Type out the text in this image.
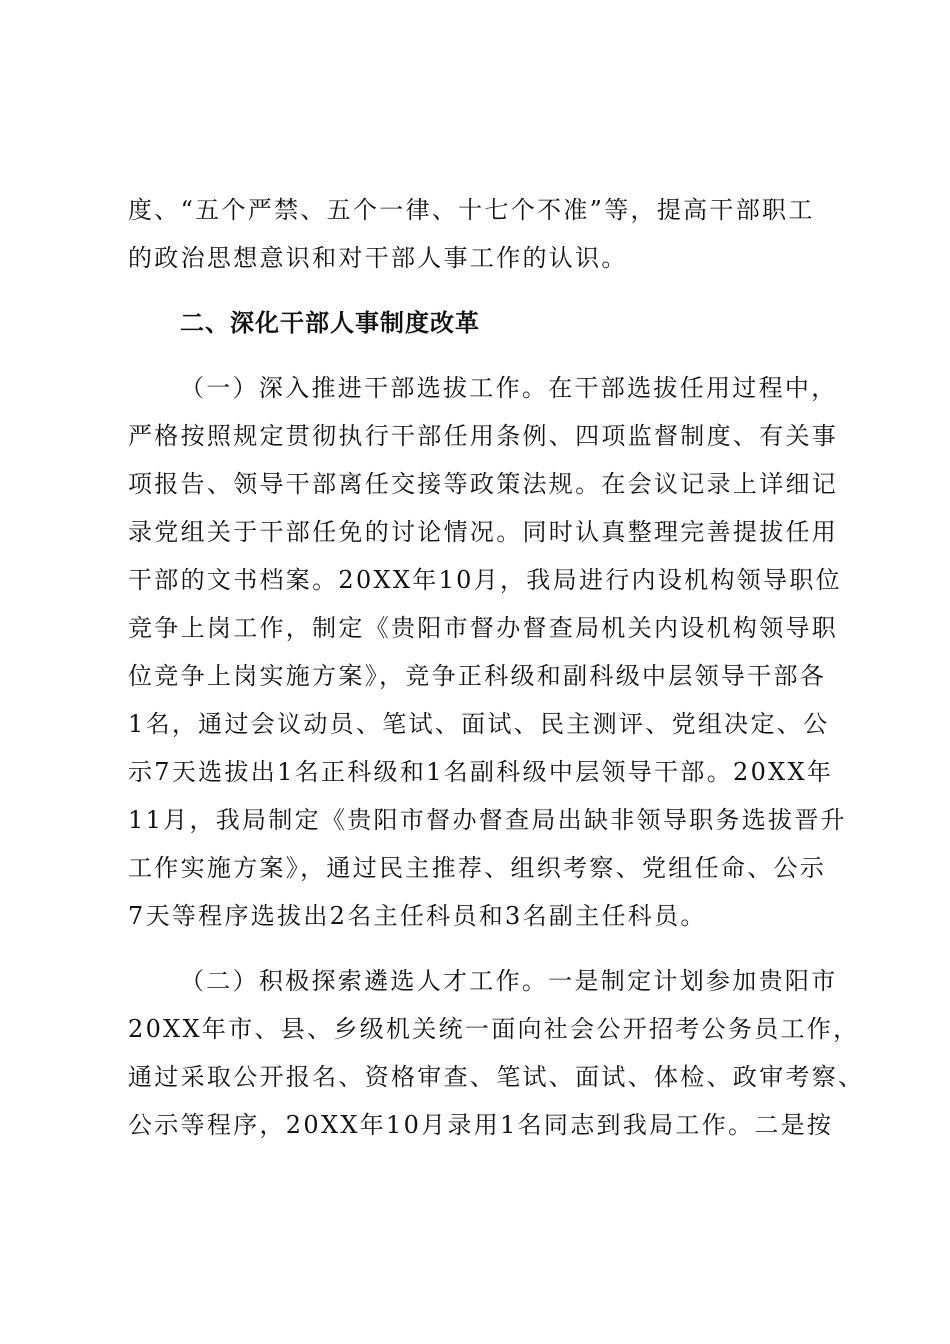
度、“五个严禁、五个一律、十七个不准”等，提高干部职工
的政治思想意识和对干部人事工作的认识。
二、深化干部人事制度改革
（一）深入推进干部选拔工作。在干部选拔任用过程中，
严格按照规定贯彻执行干部任用条例、四项监督制度、有关事
项报告、领导干部离任交接等政策法规。在会议记录上详细记
录党组关于干部任免的讨论情况。同时认真整理完善提拔任用
干部的文书档案。20XX年10月，我局进行内设机构领导职位
竞争上岗工作，制定《贵阳市督办督查局机关内设机构领导职
位竞争上岗实施方案》，竞争正科级和副科级中层领导干部各
1名，通过会议动员、笔试、面试、民主测评、党组决定、公
示7天选拔出1名正科级和1名副科级中层领导干部。20XX年
11月，我局制定《贵阳市督办督查局出缺非领导职务选拔晋升
工作实施方案》，通过民主推荐、组织考察、党组任命、公示
7天等程序选拔出2名主任科员和3名副主任科员。
（二）积极探索遴选人才工作。一是制定计划参加贵阳市
20XX年市、县、乡级机关统一面向社会公开招考公务员工作，
通过采取公开报名、资格审查、笔试、面试、体检、政审考察、
公示等程序，20XX年10月录用1名同志到我局工作。二是按
